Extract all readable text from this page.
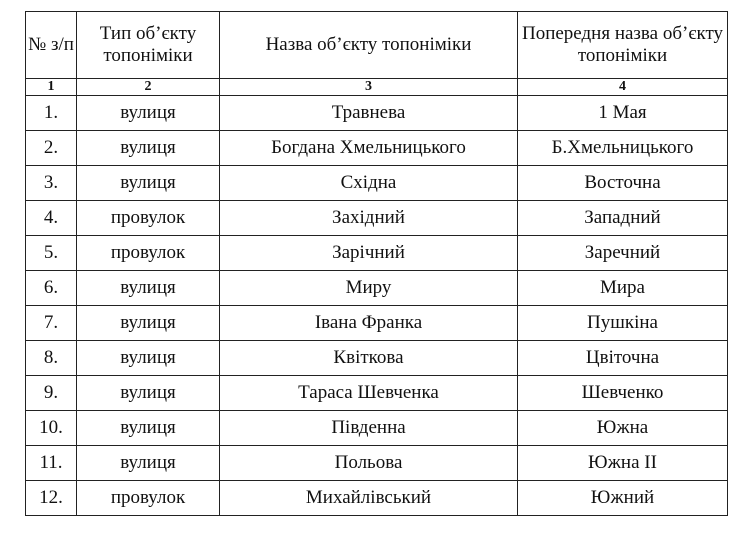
№ з/п	Тип об’єкту топоніміки	Назва об’єкту топоніміки	Попередня назва об’єкту топоніміки
1	2	3	4
1.	вулиця	Травнева	1 Мая
2.	вулиця	Богдана Хмельницького	Б.Хмельницького
3.	вулиця	Східна	Восточна
4.	провулок	Західний	Западний
5.	провулок	Зарічний	Заречний
6.	вулиця	Миру	Мира
7.	вулиця	Івана Франка	Пушкіна
8.	вулиця	Квіткова	Цвіточна
9.	вулиця	Тараса Шевченка	Шевченко
10.	вулиця	Південна	Южна
11.	вулиця	Польова	Южна II
12.	провулок	Михайлівський	Южний
